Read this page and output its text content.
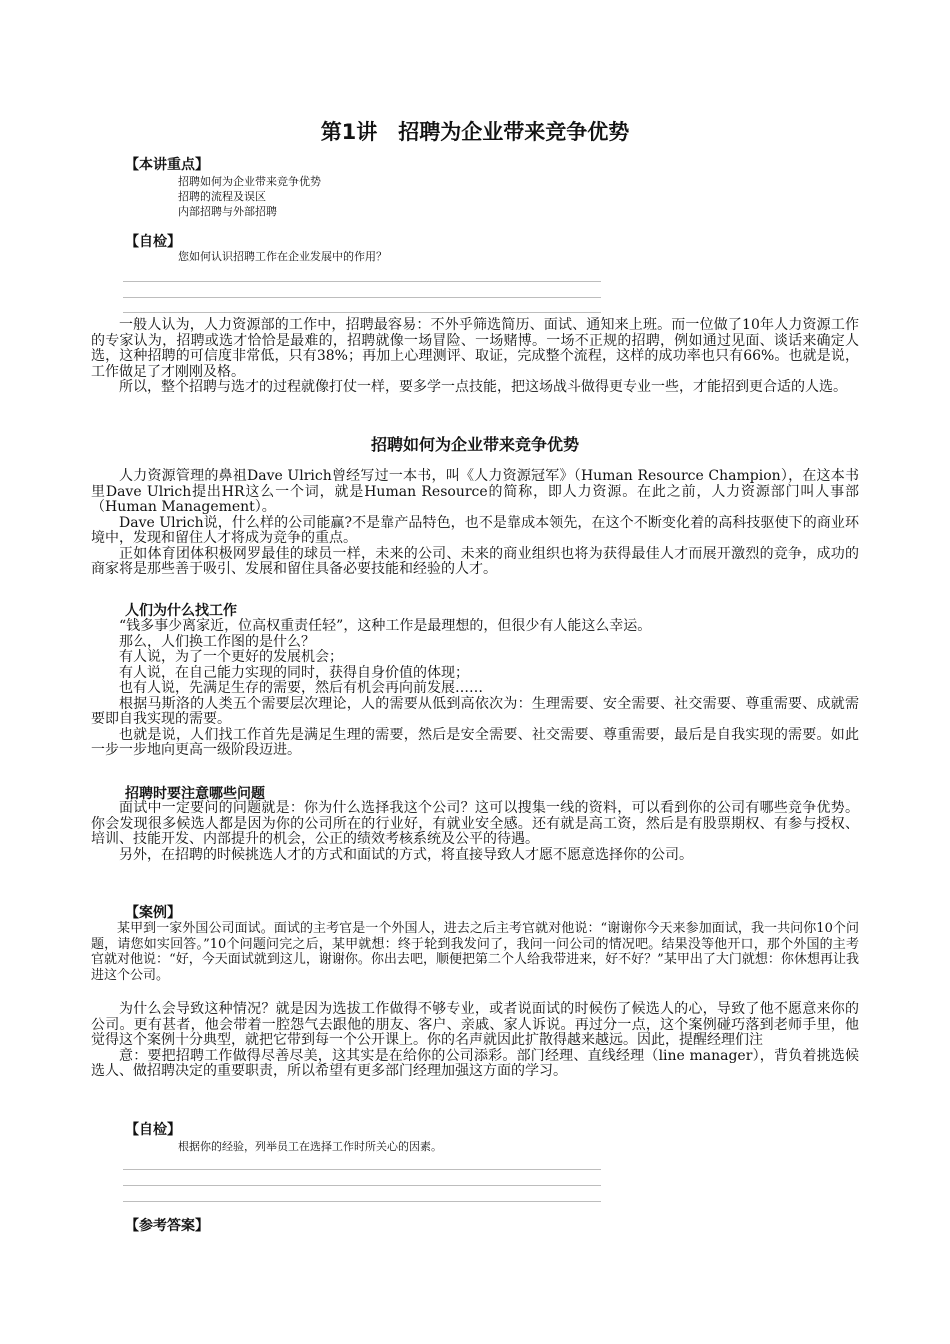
第1讲　招聘为企业带来竞争优势
【本讲重点】
招聘如何为企业带来竞争优势
招聘的流程及误区
内部招聘与外部招聘
【自检】
您如何认识招聘工作在企业发展中的作用？

一般人认为，人力资源部的工作中，招聘最容易：不外乎筛选简历、面试、通知来上班。而一位做了10年人力资源工作的专家认为，招聘或选才恰恰是最难的，招聘就像一场冒险、一场赌博。一场不正规的招聘，例如通过见面、谈话来确定人选，这种招聘的可信度非常低，只有38%；再加上心理测评、取证，完成整个流程，这样的成功率也只有66%。也就是说，工作做足了才刚刚及格。

所以，整个招聘与选才的过程就像打仗一样，要多学一点技能，把这场战斗做得更专业一些，才能招到更合适的人选。

招聘如何为企业带来竞争优势

人力资源管理的鼻祖Dave Ulrich曾经写过一本书，叫《人力资源冠军》（Human Resource Champion），在这本书里Dave Ulrich提出HR这么一个词，就是Human Resource的简称，即人力资源。在此之前，人力资源部门叫人事部（Human Management）。

Dave Ulrich说，什么样的公司能赢?不是靠产品特色，也不是靠成本领先，在这个不断变化着的高科技驱使下的商业环境中，发现和留住人才将成为竞争的重点。

正如体育团体积极网罗最佳的球员一样，未来的公司、未来的商业组织也将为获得最佳人才而展开激烈的竞争，成功的商家将是那些善于吸引、发展和留住具备必要技能和经验的人才。

人们为什么找工作

“钱多事少离家近，位高权重责任轻”，这种工作是最理想的，但很少有人能这么幸运。

那么，人们换工作图的是什么？

有人说，为了一个更好的发展机会；

有人说，在自己能力实现的同时，获得自身价值的体现；

也有人说，先满足生存的需要，然后有机会再向前发展……

根据马斯洛的人类五个需要层次理论，人的需要从低到高依次为：生理需要、安全需要、社交需要、尊重需要、成就需要即自我实现的需要。

也就是说，人们找工作首先是满足生理的需要，然后是安全需要、社交需要、尊重需要，最后是自我实现的需要。如此一步一步地向更高一级阶段迈进。

招聘时要注意哪些问题

面试中一定要问的问题就是：你为什么选择我这个公司？这可以搜集一线的资料，可以看到你的公司有哪些竞争优势。你会发现很多候选人都是因为你的公司所在的行业好，有就业安全感。还有就是高工资，然后是有股票期权、有参与授权、培训、技能开发、内部提升的机会，公正的绩效考核系统及公平的待遇。

另外，在招聘的时候挑选人才的方式和面试的方式，将直接导致人才愿不愿意选择你的公司。

【案例】

某甲到一家外国公司面试。面试的主考官是一个外国人，进去之后主考官就对他说：“谢谢你今天来参加面试，我一共问你10个问题，请您如实回答。”10个问题问完之后，某甲就想：终于轮到我发问了，我问一问公司的情况吧。结果没等他开口，那个外国的主考官就对他说：“好，今天面试就到这儿，谢谢你。你出去吧，顺便把第二个人给我带进来，好不好？”某甲出了大门就想：你休想再让我进这个公司。

为什么会导致这种情况？就是因为选拔工作做得不够专业，或者说面试的时候伤了候选人的心，导致了他不愿意来你的公司。更有甚者，他会带着一腔怨气去跟他的朋友、客户、亲戚、家人诉说。再过分一点，这个案例碰巧落到老师手里，他觉得这个案例十分典型，就把它带到每一个公开课上。你的名声就因此扩散得越来越远。因此，提醒经理们注

意：要把招聘工作做得尽善尽美，这其实是在给你的公司添彩。部门经理、直线经理（line manager），背负着挑选候选人、做招聘决定的重要职责，所以希望有更多部门经理加强这方面的学习。

【自检】
根据你的经验，列举员工在选择工作时所关心的因素。
【参考答案】
